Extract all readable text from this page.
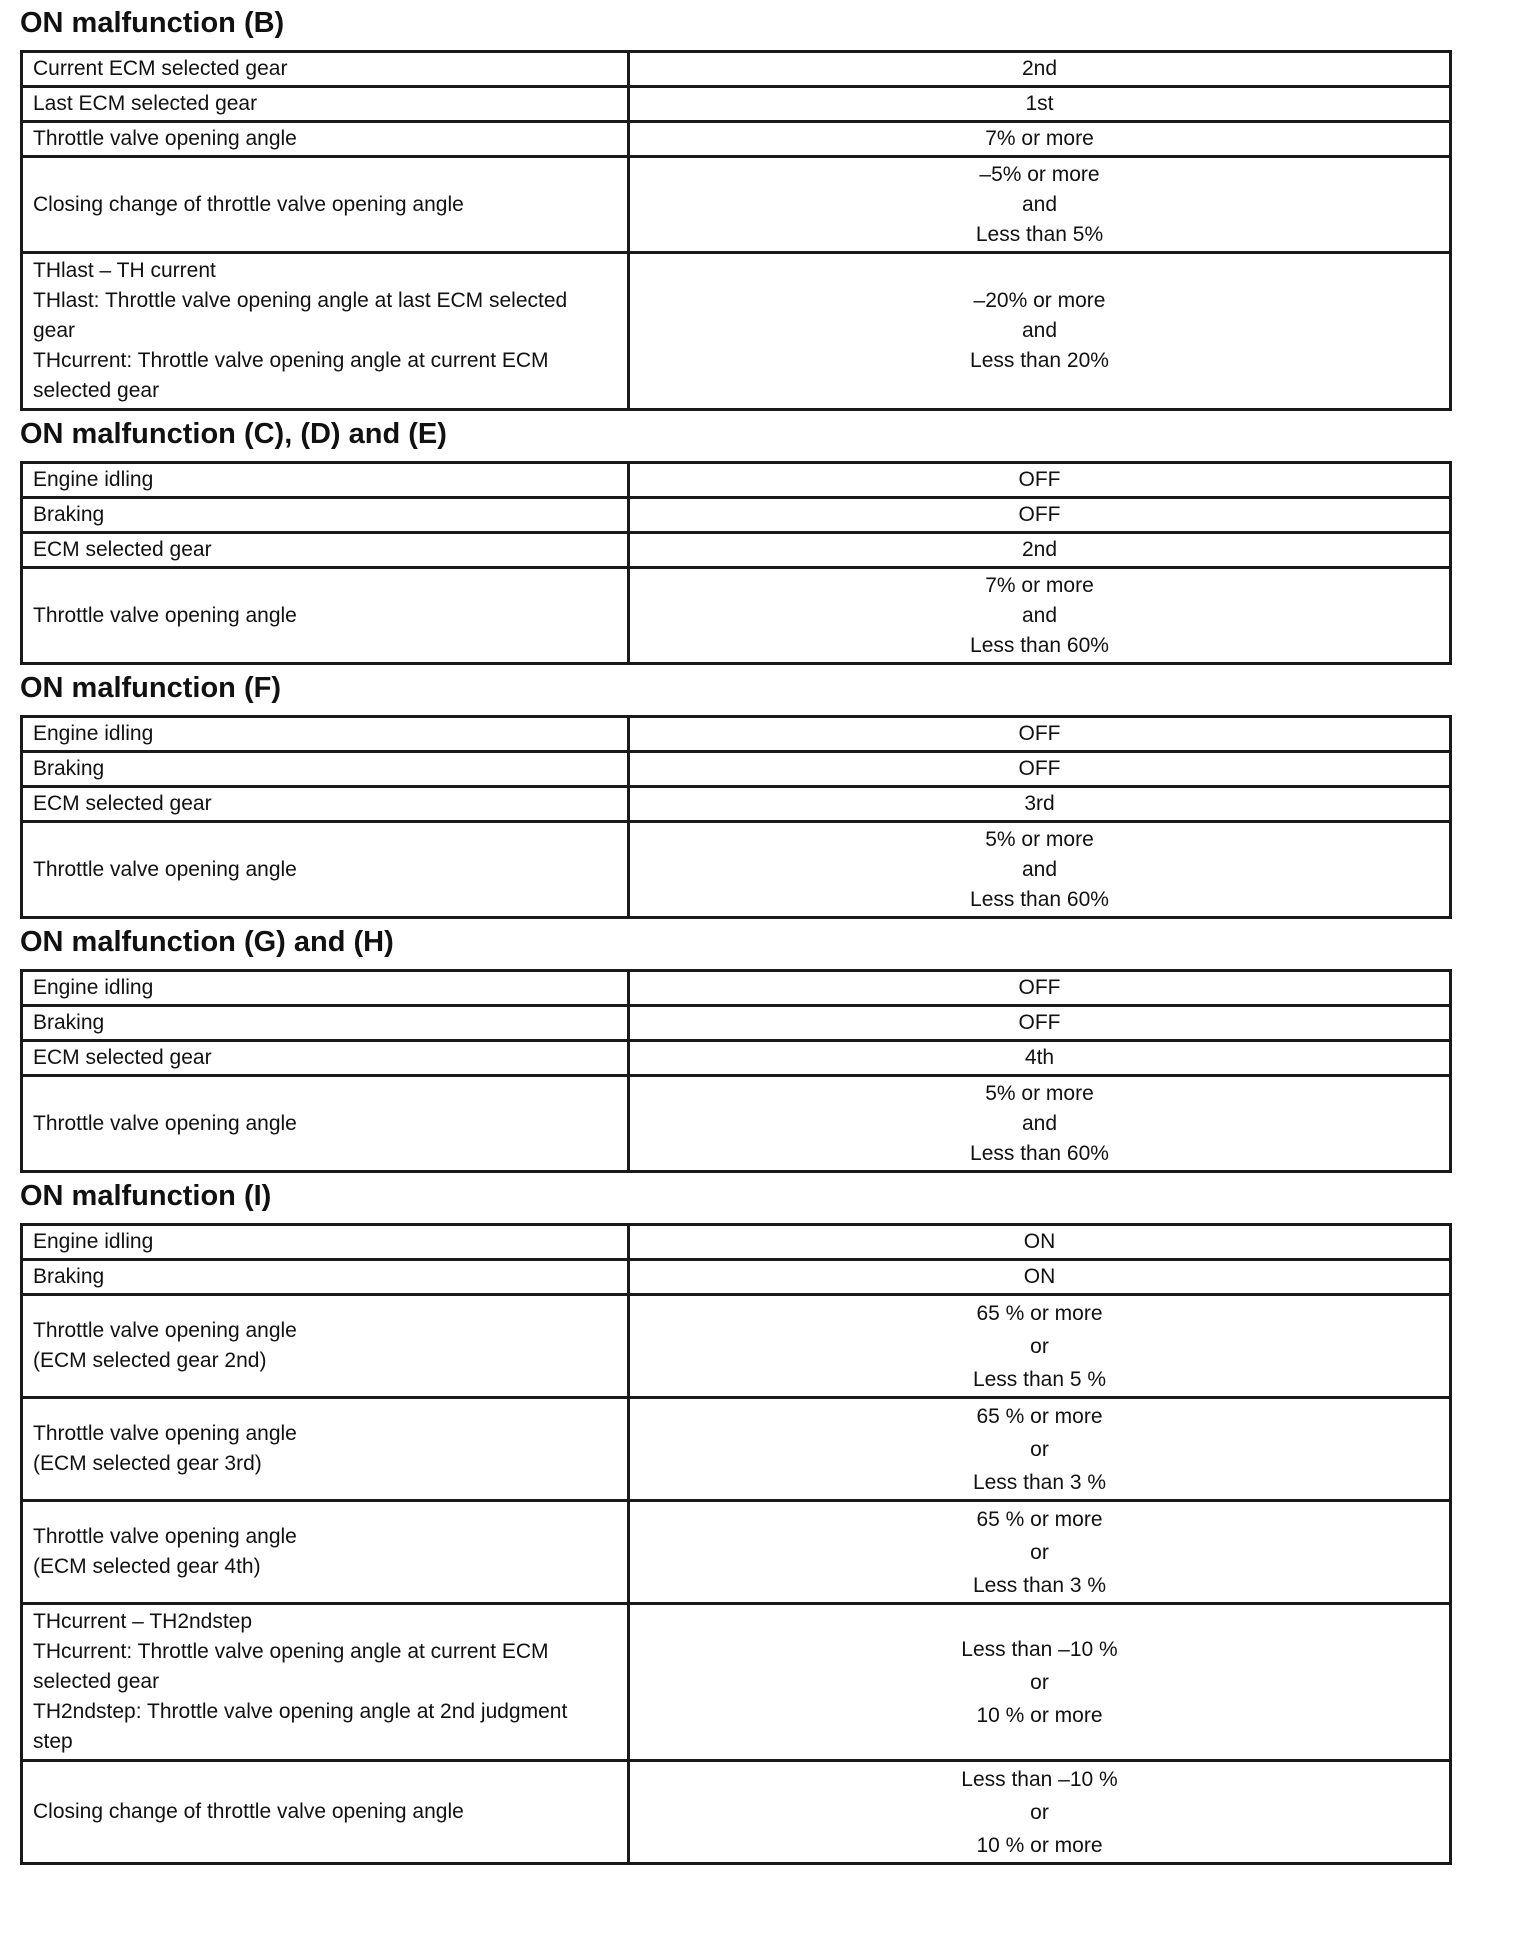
ON malfunction (B)
Current ECM selected gear	2nd

Last ECM selected gear	1st

Throttle valve opening angle	7% or more

Closing change of throttle valve opening angle	–5% or more
and
Less than 5%

THlast – TH current
THlast: Throttle valve opening angle at last ECM selected
gear
THcurrent: Throttle valve opening angle at current ECM
selected gear	–20% or more
and
Less than 20%
ON malfunction (C), (D) and (E)
Engine idling	OFF

Braking	OFF

ECM selected gear	2nd

Throttle valve opening angle	7% or more
and
Less than 60%
ON malfunction (F)
Engine idling	OFF

Braking	OFF

ECM selected gear	3rd

Throttle valve opening angle	5% or more
and
Less than 60%
ON malfunction (G) and (H)
Engine idling	OFF

Braking	OFF

ECM selected gear	4th

Throttle valve opening angle	5% or more
and
Less than 60%
ON malfunction (I)
Engine idling	ON

Braking	ON

Throttle valve opening angle
(ECM selected gear 2nd)	65 % or more
or
Less than 5 %

Throttle valve opening angle
(ECM selected gear 3rd)	65 % or more
or
Less than 3 %

Throttle valve opening angle
(ECM selected gear 4th)	65 % or more
or
Less than 3 %

THcurrent – TH2ndstep
THcurrent: Throttle valve opening angle at current ECM
selected gear
TH2ndstep: Throttle valve opening angle at 2nd judgment
step	Less than –10 %
or
10 % or more

Closing change of throttle valve opening angle	Less than –10 %
or
10 % or more
